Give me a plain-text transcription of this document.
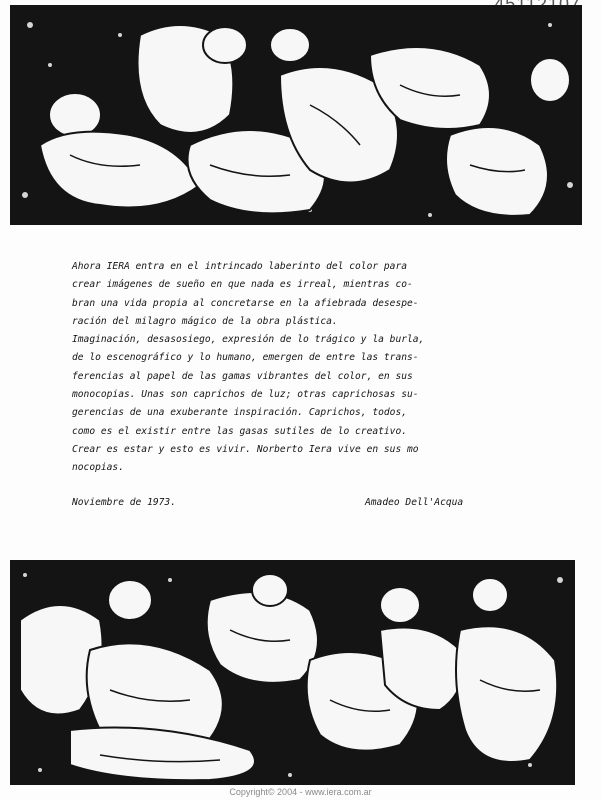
Ahora IERA entra en el intrincado laberinto del color para

crear imágenes de sueño en que nada es irreal, mientras co-

bran una vida propia al concretarse en la afiebrada desespe-

ración del milagro mágico de la obra plástica.

Imaginación, desasosiego, expresión de lo trágico y la burla,

de lo escenográfico y lo humano, emergen de entre las trans-

ferencias al papel de las gamas vibrantes del color, en sus

monocopias. Unas son caprichos de luz; otras caprichosas su-

gerencias de una exuberante inspiración. Caprichos, todos,

como es el existir entre las gasas sutiles de lo creativo.

Crear es estar y esto es vivir. Norberto Iera vive en sus mo

nocopias.

Noviembre de 1973.	Amadeo Dell'Acqua
Copyright© 2004 - www.iera.com.ar
